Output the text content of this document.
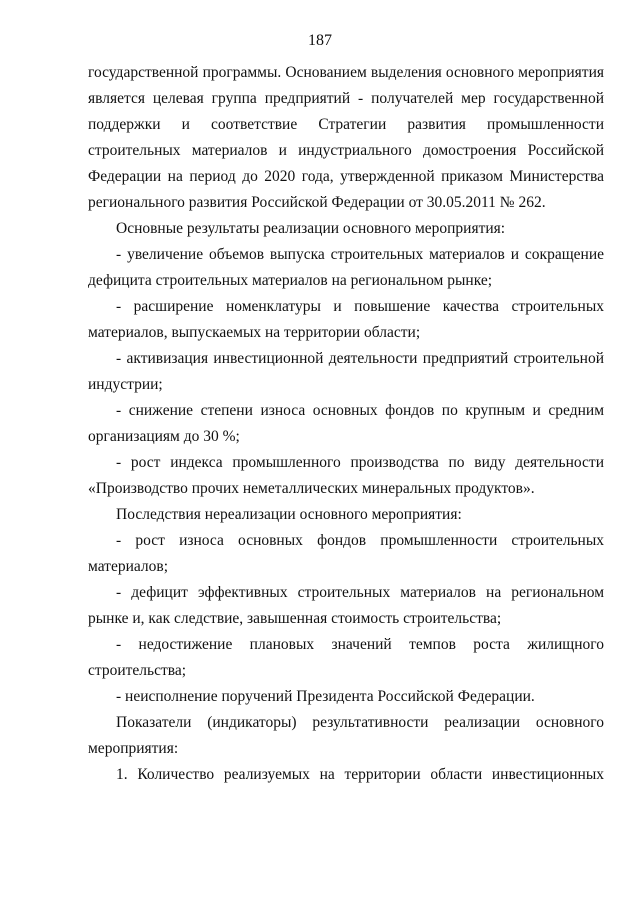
187

государственной программы. Основанием выделения основного мероприятия является целевая группа предприятий - получателей мер государственной поддержки и соответствие Стратегии развития промышленности строительных материалов и индустриального домостроения Российской Федерации на период до 2020 года, утвержденной приказом Министерства регионального развития Российской Федерации от 30.05.2011 № 262.

Основные результаты реализации основного мероприятия:

- увеличение объемов выпуска строительных материалов и сокращение дефицита строительных материалов на региональном рынке;

- расширение номенклатуры и повышение качества строительных материалов, выпускаемых на территории области;

- активизация инвестиционной деятельности предприятий строительной индустрии;

- снижение степени износа основных фондов по крупным и средним организациям до 30 %;

- рост индекса промышленного производства по виду деятельности «Производство прочих неметаллических минеральных продуктов».

Последствия нереализации основного мероприятия:

- рост износа основных фондов промышленности строительных материалов;

- дефицит эффективных строительных материалов на региональном рынке и, как следствие, завышенная стоимость строительства;

- недостижение плановых значений темпов роста жилищного строительства;

- неисполнение поручений Президента Российской Федерации.

Показатели (индикаторы) результативности реализации основного мероприятия:

1. Количество реализуемых на территории области инвестиционных
